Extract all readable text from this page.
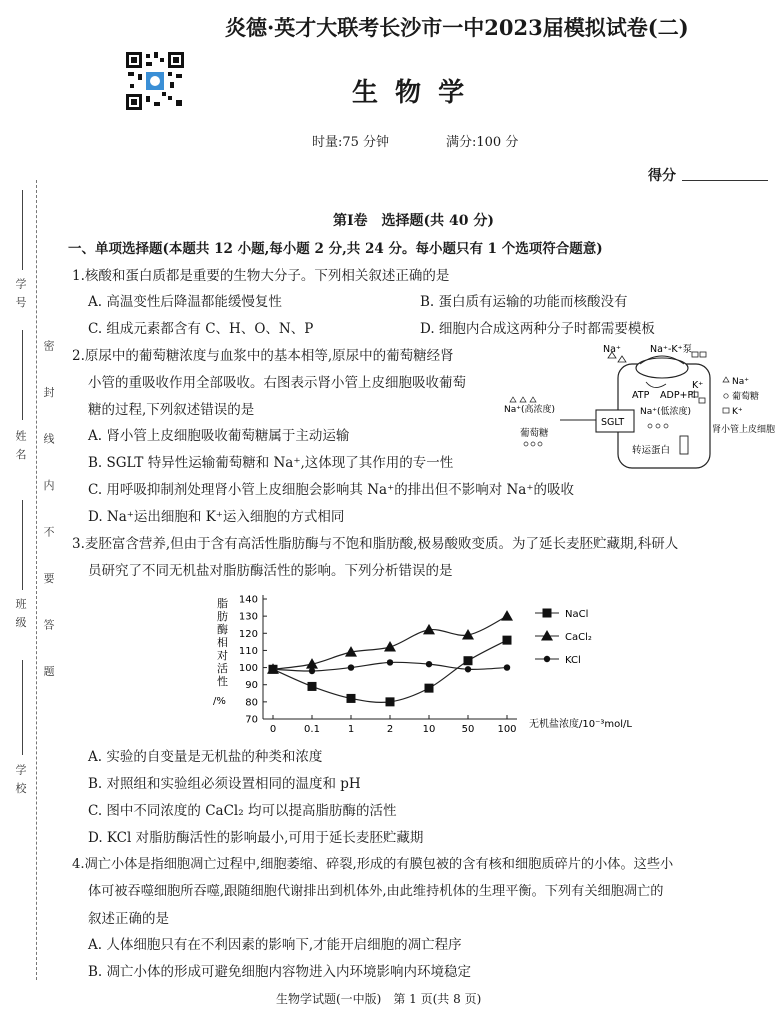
炎德·英才大联考长沙市一中2023届模拟试卷(二)
生 物 学
时量:75 分钟	满分:100 分
得分
学 号
姓 名
班 级
学 校
密 封 线 内 不 要 答 题
第Ⅰ卷　选择题(共 40 分)
一、单项选择题(本题共 12 小题,每小题 2 分,共 24 分。每小题只有 1 个选项符合题意)
1.核酸和蛋白质都是重要的生物大分子。下列相关叙述正确的是
A. 高温变性后降温都能缓慢复性	B. 蛋白质有运输的功能而核酸没有
C. 组成元素都含有 C、H、O、N、P	D. 细胞内合成这两种分子时都需要模板
2.原尿中的葡萄糖浓度与血浆中的基本相等,原尿中的葡萄糖经肾
小管的重吸收作用全部吸收。右图表示肾小管上皮细胞吸收葡萄
糖的过程,下列叙述错误的是
A. 肾小管上皮细胞吸收葡萄糖属于主动运输
B. SGLT 特异性运输葡萄糖和 Na⁺,这体现了其作用的专一性
C. 用呼吸抑制剂处理肾小管上皮细胞会影响其 Na⁺的排出但不影响对 Na⁺的吸收
D. Na⁺运出细胞和 K⁺运入细胞的方式相同
Na⁺-K⁺泵
Na⁺
ATP ADP+Pi
K⁺
SGLT
Na⁺(高浓度)	Na⁺(低浓度)
葡萄糖
转运蛋白
肾小管上皮细胞
Na⁺
葡萄糖
K⁺
3.麦胚富含营养,但由于含有高活性脂肪酶与不饱和脂肪酸,极易酸败变质。为了延长麦胚贮藏期,科研人
员研究了不同无机盐对脂肪酶活性的影响。下列分析错误的是
脂
肪
酶
相
对
活
性
/%
70
80
90
100
110
120
130
140
0	0.1	1	2	10	50 100 无机盐浓度/10⁻³mol/L
NaCl
CaCl₂
KCl
A. 实验的自变量是无机盐的种类和浓度
B. 对照组和实验组必须设置相同的温度和 pH
C. 图中不同浓度的 CaCl₂ 均可以提高脂肪酶的活性
D. KCl 对脂肪酶活性的影响最小,可用于延长麦胚贮藏期
4.凋亡小体是指细胞凋亡过程中,细胞萎缩、碎裂,形成的有膜包被的含有核和细胞质碎片的小体。这些小
体可被吞噬细胞所吞噬,跟随细胞代谢排出到机体外,由此维持机体的生理平衡。下列有关细胞凋亡的
叙述正确的是
A. 人体细胞只有在不利因素的影响下,才能开启细胞的凋亡程序
B. 凋亡小体的形成可避免细胞内容物进入内环境影响内环境稳定
生物学试题(一中版)　第 1 页(共 8 页)
